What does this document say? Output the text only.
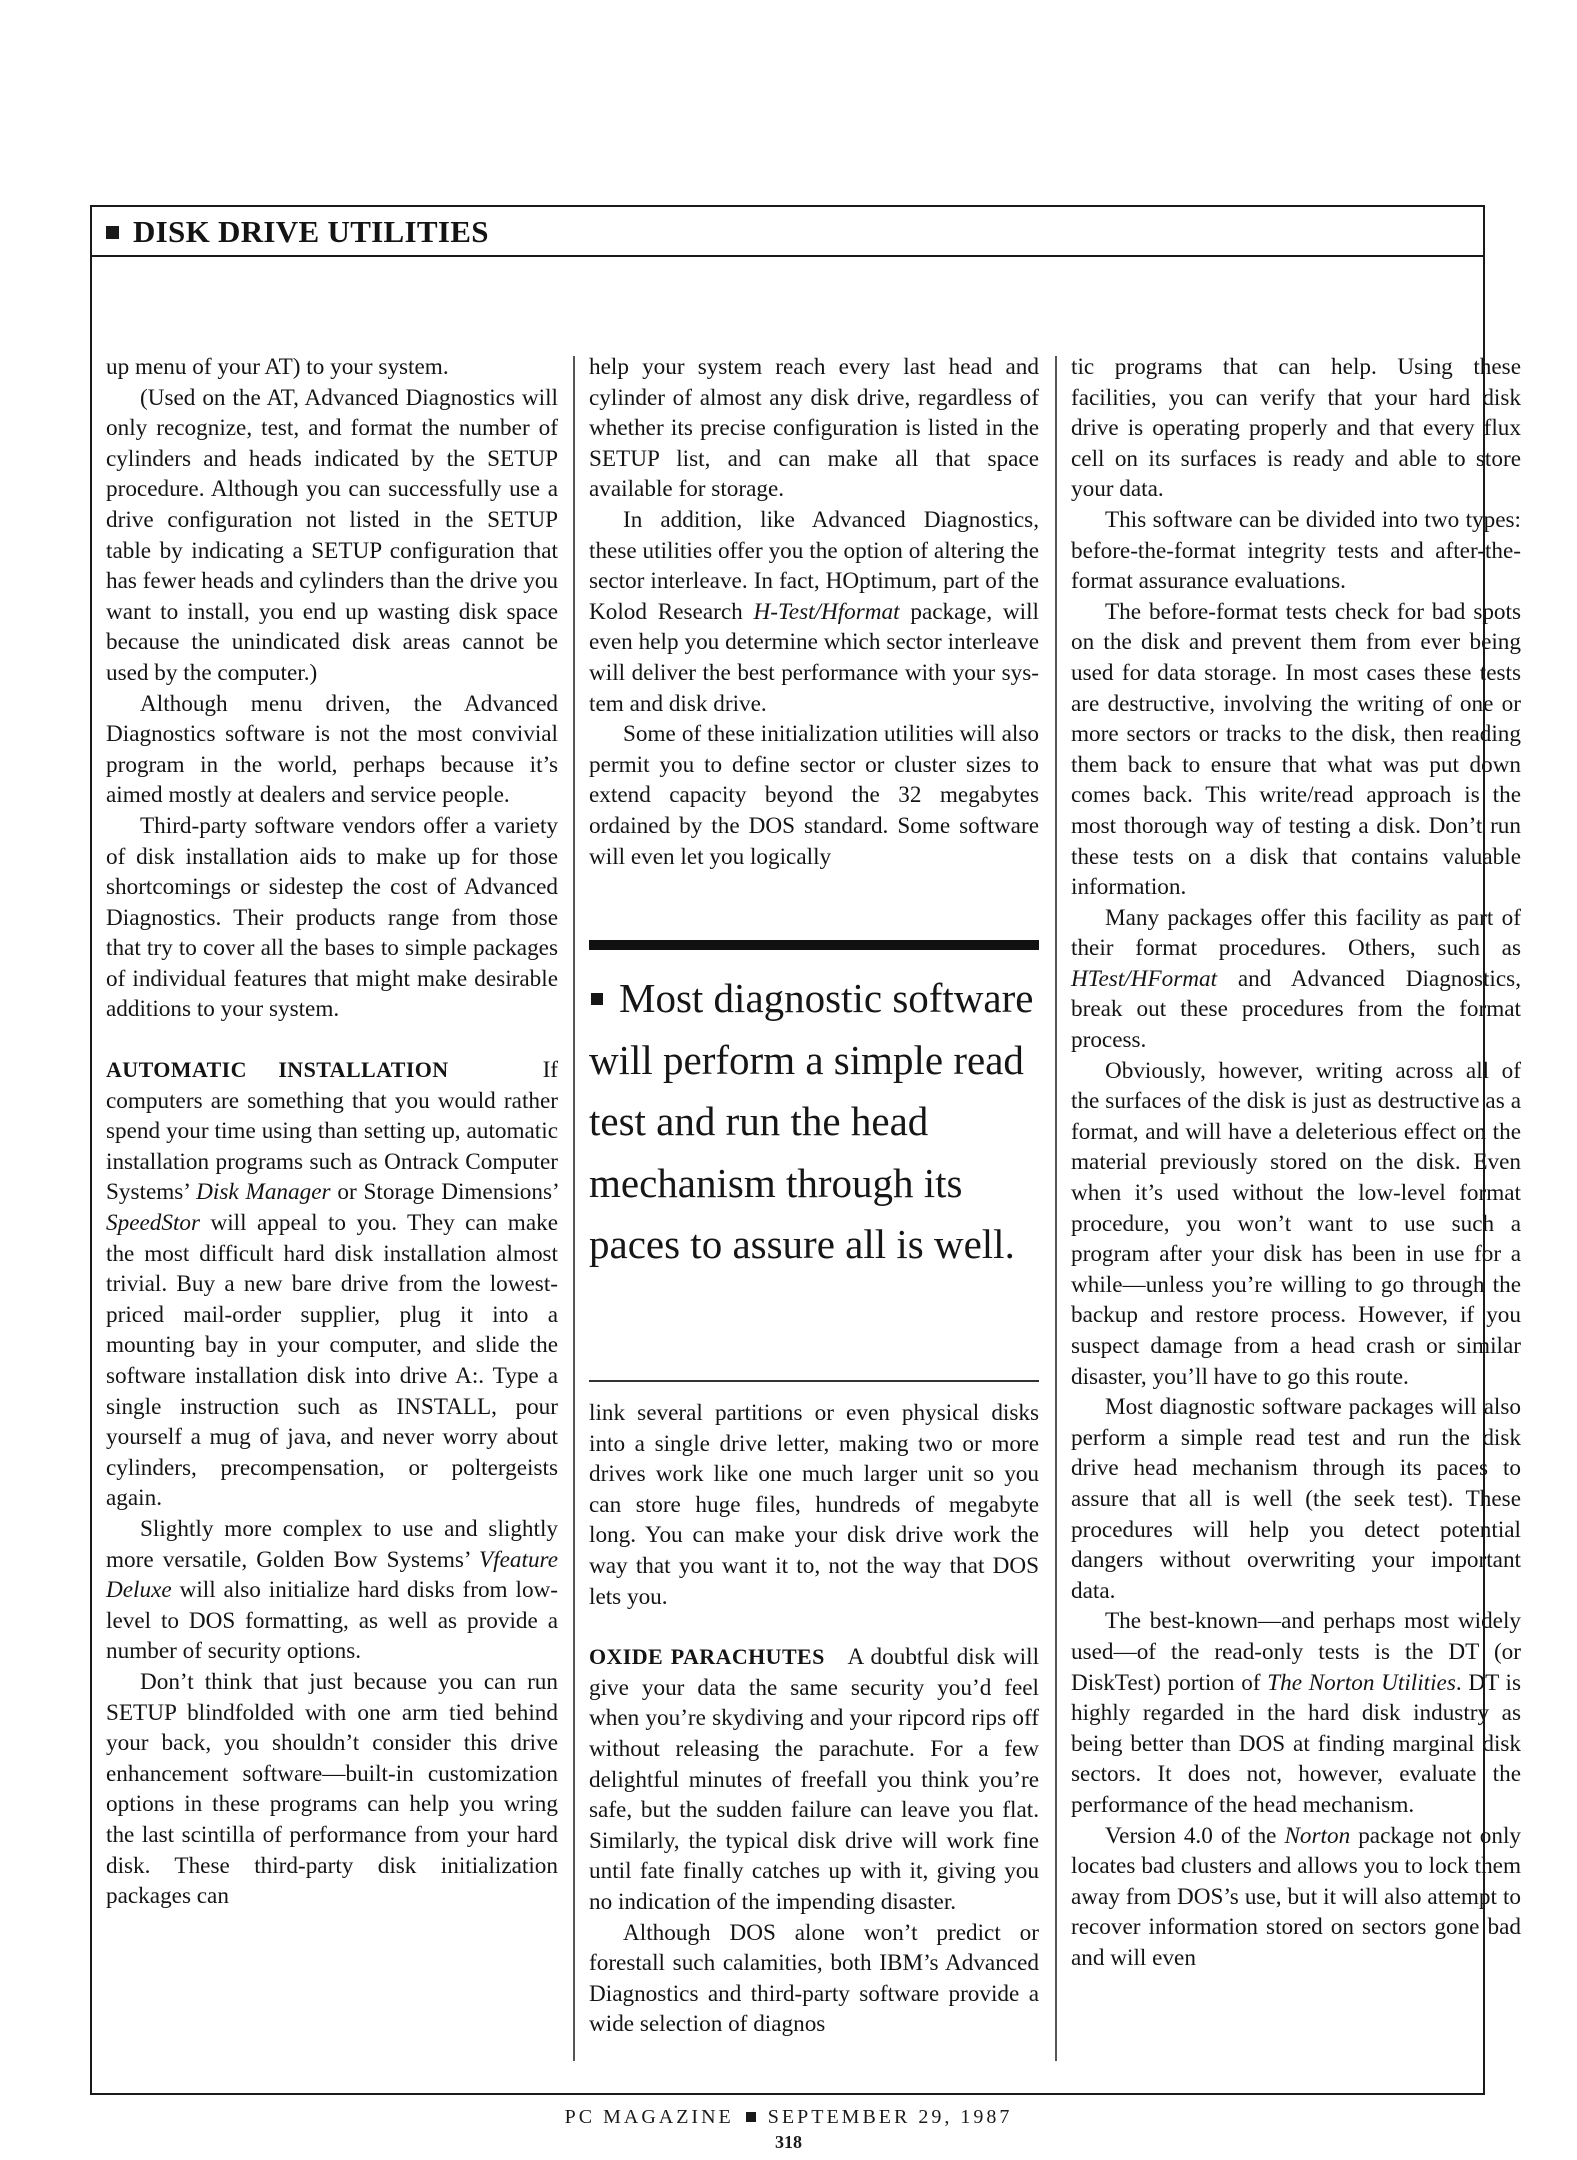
DISK DRIVE UTILITIES

up menu of your AT) to your system.

(Used on the AT, Advanced Diagnostics will only recognize, test, and format the number of cylinders and heads indicated by the SETUP procedure. Although you can successfully use a drive configuration not listed in the SETUP table by indicating a SETUP configuration that has fewer heads and cylinders than the drive you want to install, you end up wasting disk space because the unindicated disk areas cannot be used by the computer.)

Although menu driven, the Advanced Diagnostics software is not the most convivial program in the world, perhaps because it’s aimed mostly at dealers and service people.

Third-party software vendors offer a variety of disk installation aids to make up for those shortcomings or sidestep the cost of Advanced Diagnostics. Their products range from those that try to cover all the bases to simple packages of individual features that might make desirable additions to your system.

AUTOMATIC INSTALLATION	If computers are something that you would rather spend your time using than setting up, automatic installation programs such as Ontrack Computer Systems’ Disk Manager or Storage Dimensions’ SpeedStor will appeal to you. They can make the most difficult hard disk installation almost trivial. Buy a new bare drive from the lowest-priced mail-order supplier, plug it into a mounting bay in your computer, and slide the software installation disk into drive A:. Type a single instruction such as INSTALL, pour yourself a mug of java, and never worry about cylinders, precompensation, or poltergeists again.

Slightly more complex to use and slightly more versatile, Golden Bow Systems’ Vfeature Deluxe will also initialize hard disks from low-level to DOS formatting, as well as provide a number of security options.

Don’t think that just because you can run SETUP blindfolded with one arm tied behind your back, you shouldn’t consider this drive enhancement software—built-in customization options in these programs can help you wring the last scintilla of performance from your hard disk. These third-party disk initialization packages can

help your system reach every last head and cylinder of almost any disk drive, regardless of whether its precise configuration is listed in the SETUP list, and can make all that space available for storage.

In addition, like Advanced Diagnostics, these utilities offer you the option of altering the sector interleave. In fact, HOptimum, part of the Kolod Research H-Test/Hformat package, will even help you determine which sector interleave will deliver the best performance with your system and disk drive.

Some of these initialization utilities will also permit you to define sector or cluster sizes to extend capacity beyond the 32 megabytes ordained by the DOS standard. Some software will even let you logically

Most diagnostic software will perform a simple read test and run the head mechanism through its paces to assure all is well.

link several partitions or even physical disks into a single drive letter, making two or more drives work like one much larger unit so you can store huge files, hundreds of megabyte long. You can make your disk drive work the way that you want it to, not the way that DOS lets you.

OXIDE PARACHUTES A doubtful disk will give your data the same security you’d feel when you’re skydiving and your ripcord rips off without releasing the parachute. For a few delightful minutes of freefall you think you’re safe, but the sudden failure can leave you flat. Similarly, the typical disk drive will work fine until fate finally catches up with it, giving you no indication of the impending disaster.

Although DOS alone won’t predict or forestall such calamities, both IBM’s Advanced Diagnostics and third-party software provide a wide selection of diagnos

tic programs that can help. Using these facilities, you can verify that your hard disk drive is operating properly and that every flux cell on its surfaces is ready and able to store your data.

This software can be divided into two types: before-the-format integrity tests and after-the-format assurance evaluations.

The before-format tests check for bad spots on the disk and prevent them from ever being used for data storage. In most cases these tests are destructive, involving the writing of one or more sectors or tracks to the disk, then reading them back to ensure that what was put down comes back. This write/read approach is the most thorough way of testing a disk. Don’t run these tests on a disk that contains valuable information.

Many packages offer this facility as part of their format procedures. Others, such as HTest/HFormat and Advanced Diagnostics, break out these procedures from the format process.

Obviously, however, writing across all of the surfaces of the disk is just as destructive as a format, and will have a deleterious effect on the material previously stored on the disk. Even when it’s used without the low-level format procedure, you won’t want to use such a program after your disk has been in use for a while—unless you’re willing to go through the backup and restore process. However, if you suspect damage from a head crash or similar disaster, you’ll have to go this route.

Most diagnostic software packages will also perform a simple read test and run the disk drive head mechanism through its paces to assure that all is well (the seek test). These procedures will help you detect potential dangers without overwriting your important data.

The best-known—and perhaps most widely used—of the read-only tests is the DT (or DiskTest) portion of The Norton Utilities. DT is highly regarded in the hard disk industry as being better than DOS at finding marginal disk sectors. It does not, however, evaluate the performance of the head mechanism.

Version 4.0 of the Norton package not only locates bad clusters and allows you to lock them away from DOS’s use, but it will also attempt to recover information stored on sectors gone bad and will even

PC MAGAZINE SEPTEMBER 29, 1987
318
